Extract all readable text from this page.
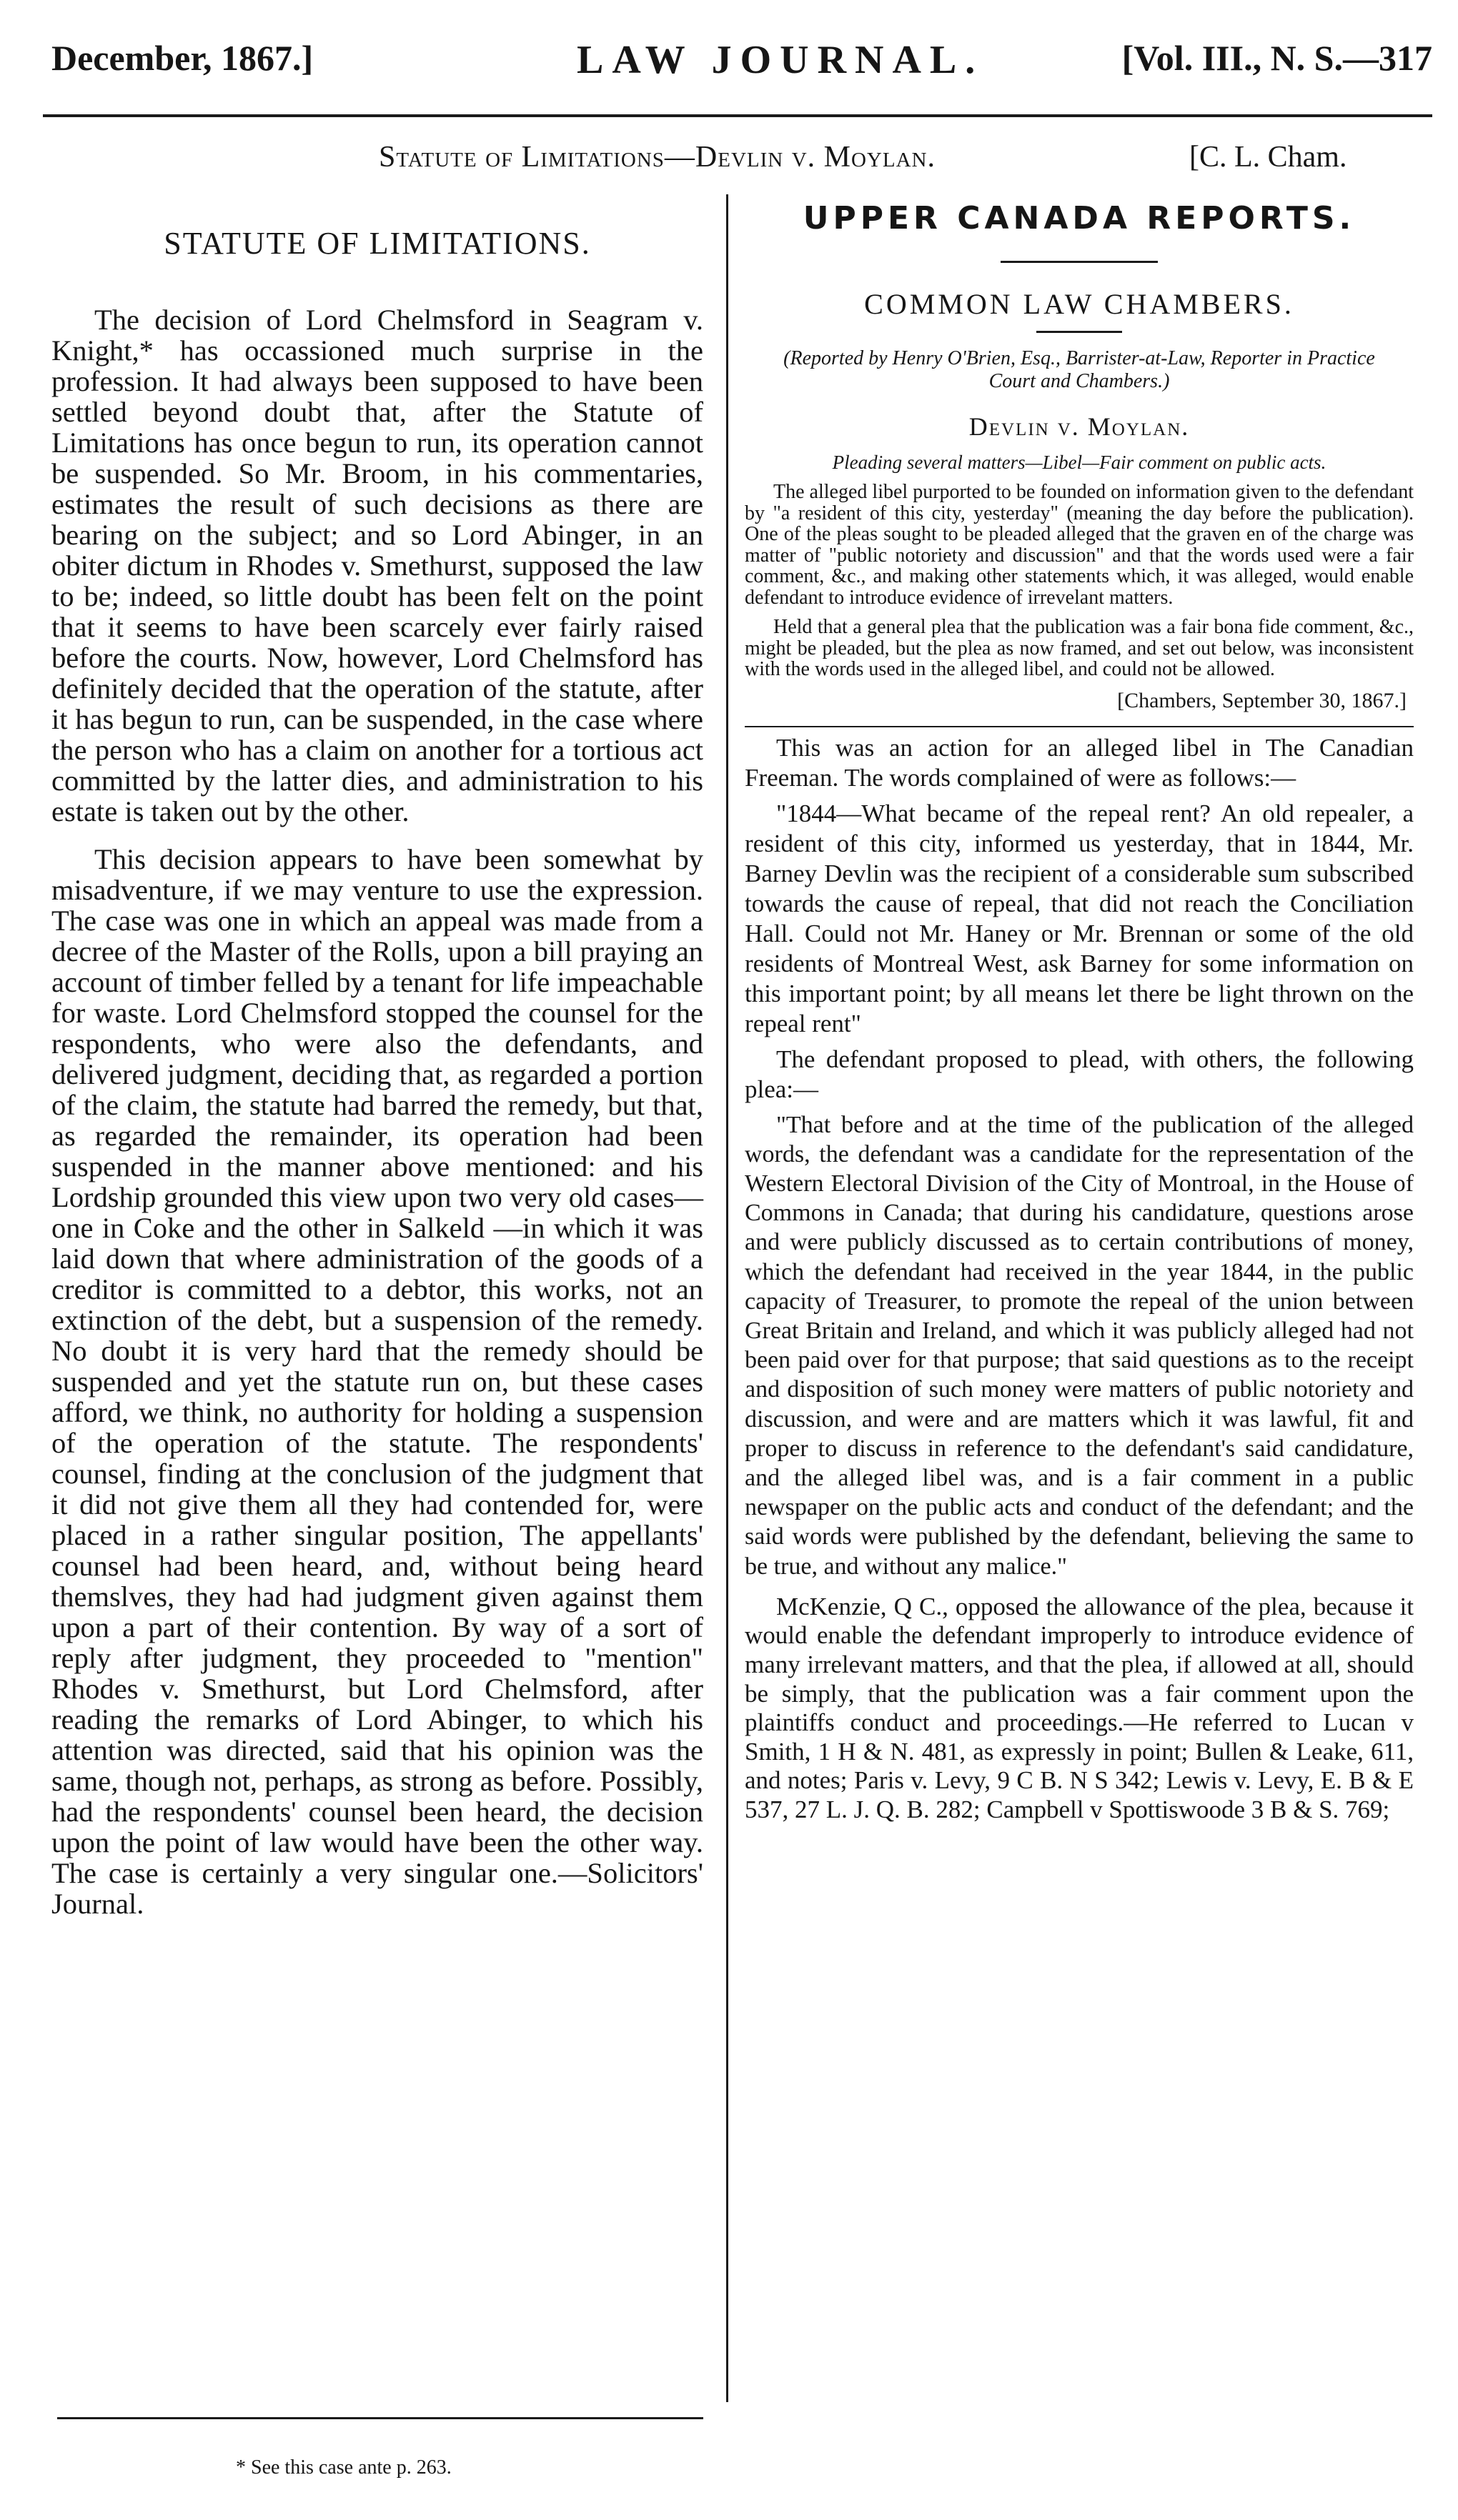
December, 1867.]	LAW JOURNAL.	[Vol. III., N. S.—317
Statute of Limitations—Devlin v. Moylan.	[C. L. Cham.
STATUTE OF LIMITATIONS.

The decision of Lord Chelmsford in Seagram v. Knight,* has occassioned much surprise in the profession. It had always been supposed to have been settled beyond doubt that, after the Statute of Limitations has once begun to run, its operation cannot be suspended. So Mr. Broom, in his commentaries, estimates the result of such decisions as there are bearing on the subject; and so Lord Abinger, in an obiter dictum in Rhodes v. Smethurst, supposed the law to be; indeed, so little doubt has been felt on the point that it seems to have been scarcely ever fairly raised before the courts. Now, however, Lord Chelmsford has definitely decided that the operation of the statute, after it has begun to run, can be suspended, in the case where the person who has a claim on another for a tortious act committed by the latter dies, and administration to his estate is taken out by the other.

This decision appears to have been somewhat by misadventure, if we may venture to use the expression. The case was one in which an appeal was made from a decree of the Master of the Rolls, upon a bill praying an account of timber felled by a tenant for life impeachable for waste. Lord Chelmsford stopped the counsel for the respondents, who were also the defendants, and delivered judgment, deciding that, as regarded a portion of the claim, the statute had barred the remedy, but that, as regarded the remainder, its operation had been suspended in the manner above mentioned: and his Lordship grounded this view upon two very old cases—one in Coke and the other in Salkeld —in which it was laid down that where administration of the goods of a creditor is committed to a debtor, this works, not an extinction of the debt, but a suspension of the remedy. No doubt it is very hard that the remedy should be suspended and yet the statute run on, but these cases afford, we think, no authority for holding a suspension of the operation of the statute. The respondents' counsel, finding at the conclusion of the judgment that it did not give them all they had contended for, were placed in a rather singular position, The appellants' counsel had been heard, and, without being heard themslves, they had had judgment given against them upon a part of their contention. By way of a sort of reply after judgment, they proceeded to "mention" Rhodes v. Smethurst, but Lord Chelmsford, after reading the remarks of Lord Abinger, to which his attention was directed, said that his opinion was the same, though not, perhaps, as strong as before. Possibly, had the respondents' counsel been heard, the decision upon the point of law would have been the other way. The case is certainly a very singular one.—Solicitors' Journal.

* See this case ante p. 263.
UPPER CANADA REPORTS.
COMMON LAW CHAMBERS.
(Reported by Henry O'Brien, Esq., Barrister-at-Law, Reporter in Practice Court and Chambers.)
Devlin v. Moylan.
Pleading several matters—Libel—Fair comment on public acts.

The alleged libel purported to be founded on information given to the defendant by "a resident of this city, yesterday" (meaning the day before the publication). One of the pleas sought to be pleaded alleged that the graven en of the charge was matter of "public notoriety and discussion" and that the words used were a fair comment, &c., and making other statements which, it was alleged, would enable defendant to introduce evidence of irrevelant matters.

Held that a general plea that the publication was a fair bona fide comment, &c., might be pleaded, but the plea as now framed, and set out below, was inconsistent with the words used in the alleged libel, and could not be allowed.

[Chambers, September 30, 1867.]

This was an action for an alleged libel in The Canadian Freeman. The words complained of were as follows:—

"1844—What became of the repeal rent? An old repealer, a resident of this city, informed us yesterday, that in 1844, Mr. Barney Devlin was the recipient of a considerable sum subscribed towards the cause of repeal, that did not reach the Conciliation Hall. Could not Mr. Haney or Mr. Brennan or some of the old residents of Montreal West, ask Barney for some information on this important point; by all means let there be light thrown on the repeal rent"

The defendant proposed to plead, with others, the following plea:—

"That before and at the time of the publication of the alleged words, the defendant was a candidate for the representation of the Western Electoral Division of the City of Montroal, in the House of Commons in Canada; that during his candidature, questions arose and were publicly discussed as to certain contributions of money, which the defendant had received in the year 1844, in the public capacity of Treasurer, to promote the repeal of the union between Great Britain and Ireland, and which it was publicly alleged had not been paid over for that purpose; that said questions as to the receipt and disposition of such money were matters of public notoriety and discussion, and were and are matters which it was lawful, fit and proper to discuss in reference to the defendant's said candidature, and the alleged libel was, and is a fair comment in a public newspaper on the public acts and conduct of the defendant; and the said words were published by the defendant, believing the same to be true, and without any malice."

McKenzie, Q C., opposed the allowance of the plea, because it would enable the defendant improperly to introduce evidence of many irrelevant matters, and that the plea, if allowed at all, should be simply, that the publication was a fair comment upon the plaintiffs conduct and proceedings.—He referred to Lucan v Smith, 1 H & N. 481, as expressly in point; Bullen & Leake, 611, and notes; Paris v. Levy, 9 C B. N S 342; Lewis v. Levy, E. B & E 537, 27 L. J. Q. B. 282; Campbell v Spottiswoode 3 B & S. 769;
